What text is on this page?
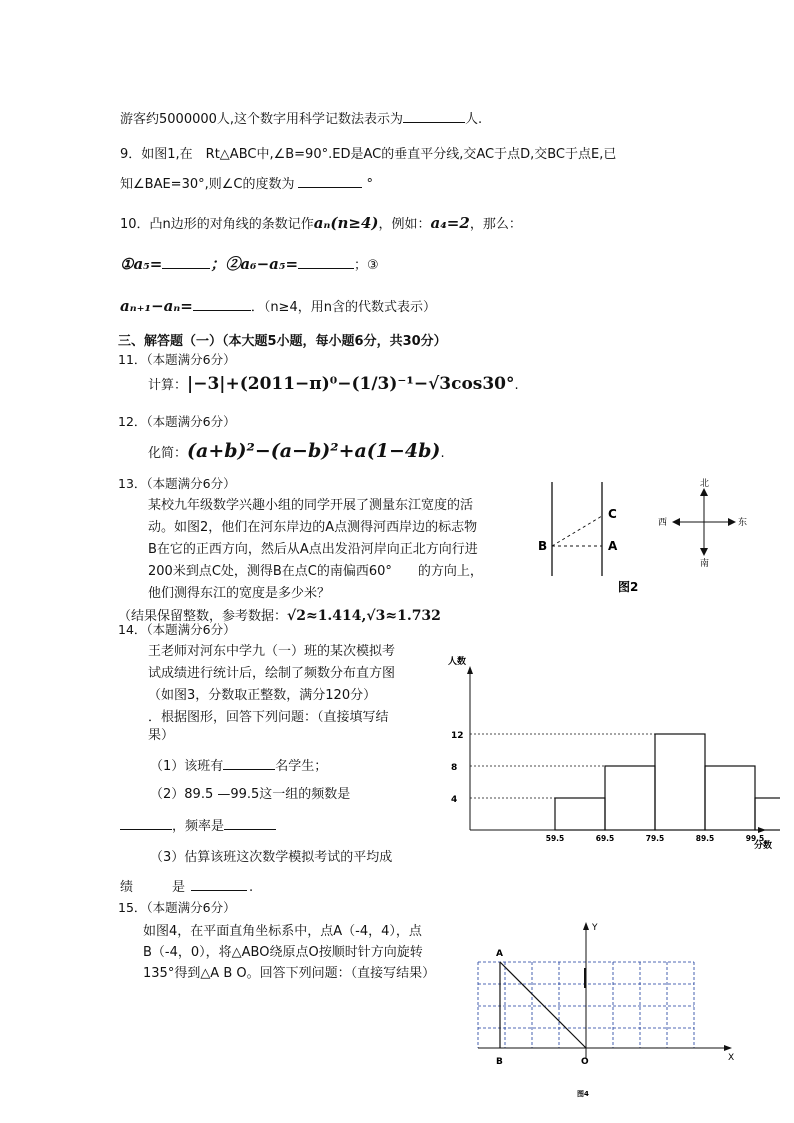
游客约5000000人,这个数字用科学记数法表示为	人.
9．如图1,在　Rt△ABC中,∠B=90°.ED是AC的垂直平分线,交AC于点D,交BC于点E,已
知∠BAE=30°,则∠C的度数为	°
10．凸n边形的对角线的条数记作aₙ(n≥4)，例如：a₄=2，那么：
①a₅=	；②a₆−a₅=	；③
aₙ₊₁−aₙ=	．（n≥4，用n含的代数式表示）
三、解答题（一）（本大题5小题，每小题6分，共30分）
11．（本题满分6分）
计算：|−3|+(2011−π)⁰−(1/3)⁻¹−√3cos30°.
12．（本题满分6分）
化简：(a+b)²−(a−b)²+a(1−4b).
13．（本题满分6分）
某校九年级数学兴趣小组的同学开展了测量东江宽度的活
动。如图2，他们在河东岸边的A点测得河西岸边的标志物
B在它的正西方向，然后从A点出发沿河岸向正北方向行进
200米到点C处，测得B在点C的南偏西60°　　的方向上，
他们测得东江的宽度是多少米？
（结果保留整数，参考数据：√2≈1.414,√3≈1.732
B
C
A
图2
北
南
西	东
14．（本题满分6分）
王老师对河东中学九（一）班的某次模拟考
试成绩进行统计后，绘制了频数分布直方图
（如图3，分数取正整数，满分120分）
．根据图形，回答下列问题：（直接填写结
果）
（1）该班有	名学生；
（2）89.5 —99.5这一组的频数是
，频率是
（3）估算该班这次数学模拟考试的平均成
绩　　　是	.
人数
分数
4
8
12
59.5	69.5	79.5	89.5	99.5
15．（本题满分6分）
如图4，在平面直角坐标系中，点A（-4，4），点
B（-4，0），将△ABO绕原点O按顺时针方向旋转
135°得到△A B O。回答下列问题：（直接写结果）
A
B	O	X
Y
图4
